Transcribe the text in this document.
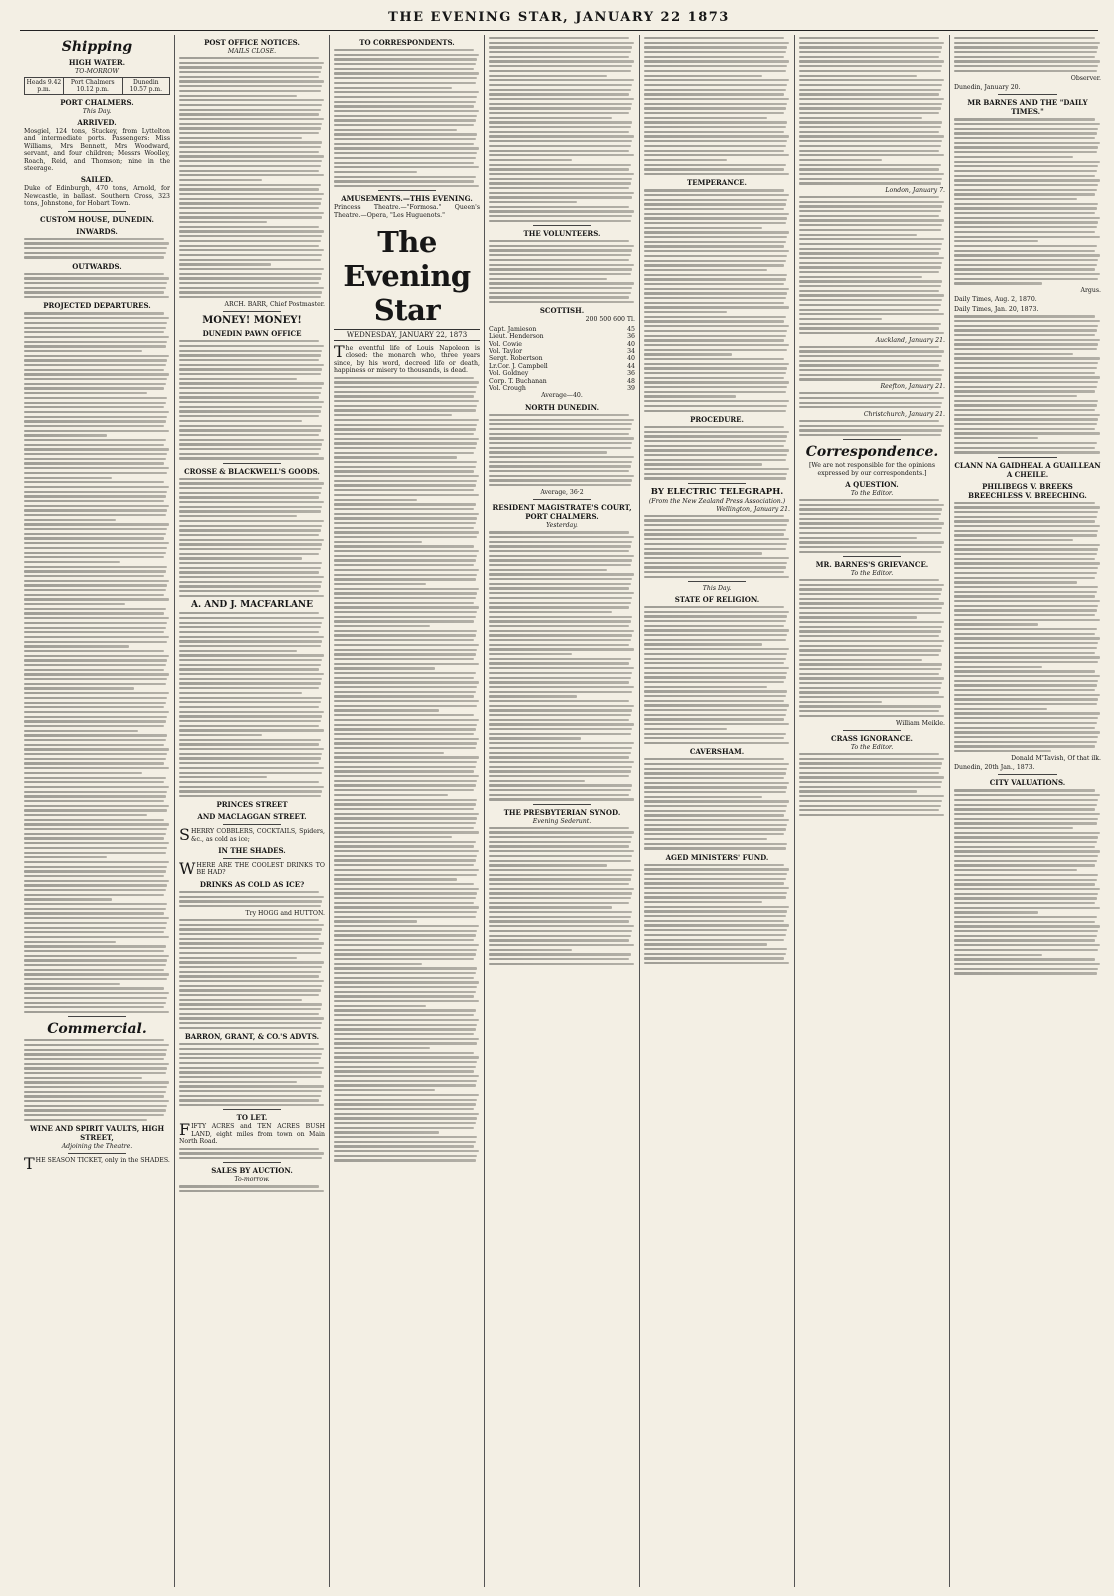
THE EVENING STAR, JANUARY 22 1873
Shipping
HIGH WATER.
TO-MORROW
Heads 9.42 p.m.	Port Chalmers 10.12 p.m.	Dunedin 10.57 p.m.
PORT CHALMERS.
This Day.
ARRIVED.

Mosgiel, 124 tons, Stuckey, from Lyttelton and intermediate ports. Passengers: Miss Williams, Mrs Bennett, Mrs Woodward, servant, and four children; Messrs Woolley, Roach, Reid, and Thomson; nine in the steerage.

SAILED.

Duke of Edinburgh, 470 tons, Arnold, for Newcastle, in ballast. Southern Cross, 323 tons, Johnstone, for Hobart Town.

CUSTOM HOUSE, DUNEDIN.
INWARDS.
OUTWARDS.
PROJECTED DEPARTURES.
Commercial.
WINE AND SPIRIT VAULTS, HIGH STREET,
Adjoining the Theatre.

THE SEASON TICKET, only in the SHADES.

POST OFFICE NOTICES.
MAILS CLOSE.

ARCH. BARR, Chief Postmaster.

MONEY! MONEY!
DUNEDIN PAWN OFFICE
CROSSE & BLACKWELL'S GOODS.
A. AND J. MACFARLANE
PRINCES STREET
AND MACLAGGAN STREET.

SHERRY COBBLERS, COCKTAILS, Spiders, &c., as cold as ice;

IN THE SHADES.

WHERE ARE THE COOLEST DRINKS TO BE HAD?

DRINKS AS COLD AS ICE?

Try HOGG and HUTTON.

BARRON, GRANT, & CO.'S ADVTS.
TO LET.

FIFTY ACRES and TEN ACRES BUSH LAND, eight miles from town on Main North Road.

SALES BY AUCTION.
To-morrow.
TO CORRESPONDENTS.
AMUSEMENTS.—THIS EVENING.

Princess Theatre.—"Formosa." Queen's Theatre.—Opera, "Les Huguenots."

The Evening Star
WEDNESDAY, JANUARY 22, 1873

The eventful life of Louis Napoleon is closed: the monarch who, three years since, by his word, decreed life or death, happiness or misery to thousands, is dead.

THE VOLUNTEERS.
SCOTTISH.

200 500 600 Tl.

Capt. Jamieson	45

Lieut. Henderson	36

Vol. Cowie	40

Vol. Taylor	34

Sergt. Robertson	40

Lr.Cor. J. Campbell	44

Vol. Goldney	36

Corp. T. Buchanan	48

Vol. Crough	39

Average—40.

NORTH DUNEDIN.

Average, 36·2

RESIDENT MAGISTRATE'S COURT, PORT CHALMERS.
Yesterday.
THE PRESBYTERIAN SYNOD.
Evening Sederunt.
TEMPERANCE.
PROCEDURE.
BY ELECTRIC TELEGRAPH.
(From the New Zealand Press Association.)
Wellington, January 21.
This Day.
STATE OF RELIGION.
CAVERSHAM.
AGED MINISTERS' FUND.
London, January 7.
Auckland, January 21.
Reefton, January 21.
Christchurch, January 21.
Correspondence.

[We are not responsible for the opinions expressed by our correspondents.]

A QUESTION.
To the Editor.
MR. BARNES'S GRIEVANCE.
To the Editor.

William Meikle.

CRASS IGNORANCE.
To the Editor.

Observer.

Dunedin, January 20.

MR BARNES AND THE "DAILY TIMES."

Argus.

Daily Times, Aug. 2, 1870.

Daily Times, Jan. 20, 1873.

CLANN NA GAIDHEAL A GUAILLEAN A CHEILE.
PHILIBEGS V. BREEKS BREECHLESS V. BREECHING.

Donald M'Tavish, Of that ilk.

Dunedin, 20th Jan., 1873.

CITY VALUATIONS.
